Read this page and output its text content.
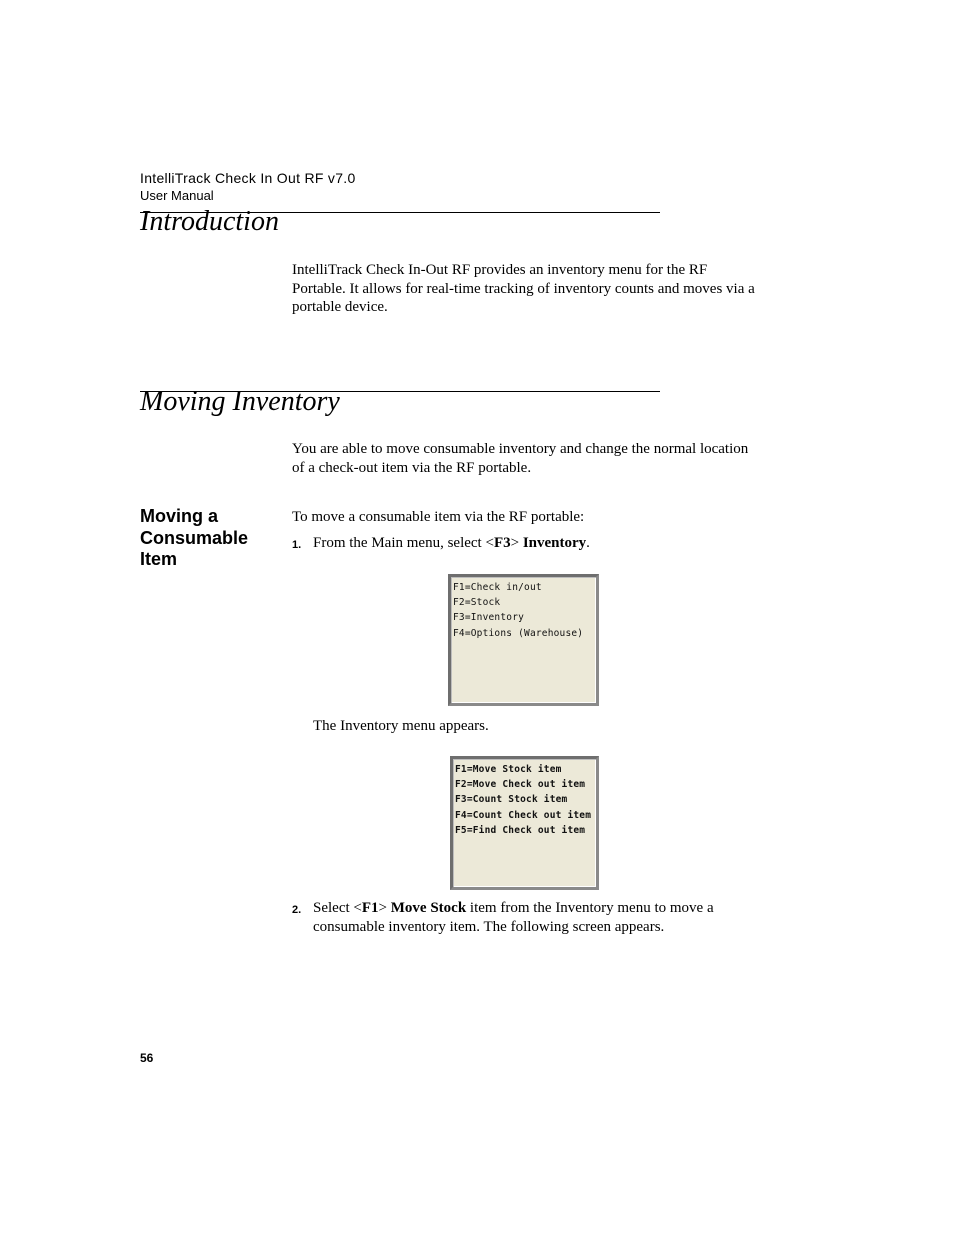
IntelliTrack Check In Out RF v7.0
User Manual
Introduction
IntelliTrack Check In-Out RF provides an inventory menu for the RF Portable. It allows for real-time tracking of inventory counts and moves via a portable device.
Moving Inventory
You are able to move consumable inventory and change the normal location of a check-out item via the RF portable.
Moving a Consumable Item
To move a consumable item via the RF portable:
1. From the Main menu, select <F3> Inventory.
F1=Check in/out
F2=Stock
F3=Inventory
F4=Options (Warehouse)
The Inventory menu appears.
F1=Move Stock item
F2=Move Check out item
F3=Count Stock item
F4=Count Check out item
F5=Find Check out item
2. Select <F1> Move Stock item from the Inventory menu to move a consumable inventory item. The following screen appears.
56
